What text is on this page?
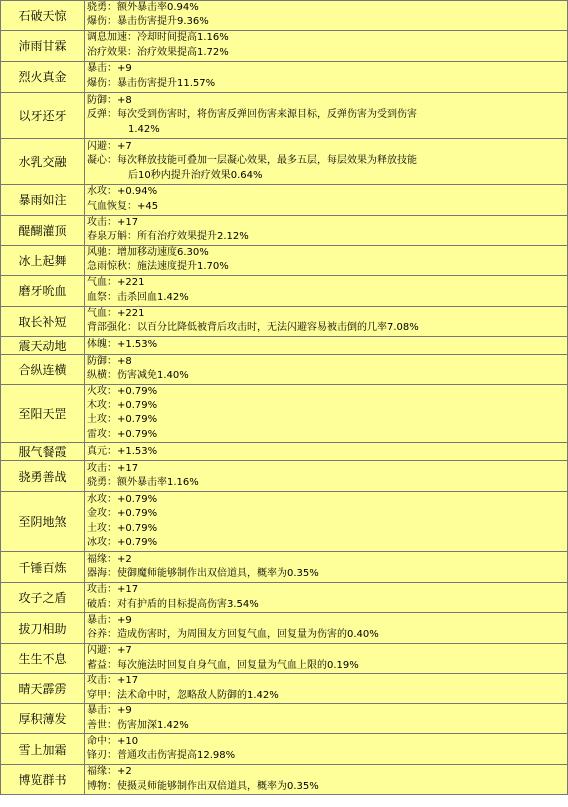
石破天惊	骁勇：额外暴击率0.94%
爆伤：暴击伤害提升9.36%

沛雨甘霖	调息加速：冷却时间提高1.16%
治疗效果：治疗效果提高1.72%

烈火真金	暴击：+9
爆伤：暴击伤害提升11.57%

以牙还牙	防御：+8
反弹：每次受到伤害时，将伤害反弹回伤害来源目标，反弹伤害为受到伤害
1.42%

水乳交融	闪避：+7
凝心：每次释放技能可叠加一层凝心效果，最多五层，每层效果为释放技能
后10秒内提升治疗效果0.64%

暴雨如注	水攻：+0.94%
气血恢复：+45

醍醐灌顶	攻击：+17
春泉万斛：所有治疗效果提升2.12%

冰上起舞	风驰：增加移动速度6.30%
急雨惊秋：施法速度提升1.70%

磨牙吮血	气血：+221
血祭：击杀回血1.42%

取长补短	气血：+221
背部强化：以百分比降低被背后攻击时，无法闪避容易被击倒的几率7.08%

震天动地	体魄：+1.53%

合纵连横	防御：+8
纵横：伤害减免1.40%

至阳天罡	火攻：+0.79%
木攻：+0.79%
土攻：+0.79%
雷攻：+0.79%

服气餐霞	真元：+1.53%

骁勇善战	攻击：+17
骁勇：额外暴击率1.16%

至阴地煞	水攻：+0.79%
金攻：+0.79%
土攻：+0.79%
冰攻：+0.79%

千锤百炼	福缘：+2
器海：使御魔师能够制作出双倍道具，概率为0.35%

攻子之盾	攻击：+17
破盾：对有护盾的目标提高伤害3.54%

拔刀相助	暴击：+9
谷养：造成伤害时，为周围友方回复气血，回复量为伤害的0.40%

生生不息	闪避：+7
蓄益：每次施法时回复自身气血，回复量为气血上限的0.19%

晴天霹雳	攻击：+17
穿甲：法术命中时，忽略敌人防御的1.42%

厚积薄发	暴击：+9
善世：伤害加深1.42%

雪上加霜	命中：+10
锋刃：普通攻击伤害提高12.98%

博览群书	福缘：+2
博物：使摄灵师能够制作出双倍道具，概率为0.35%
